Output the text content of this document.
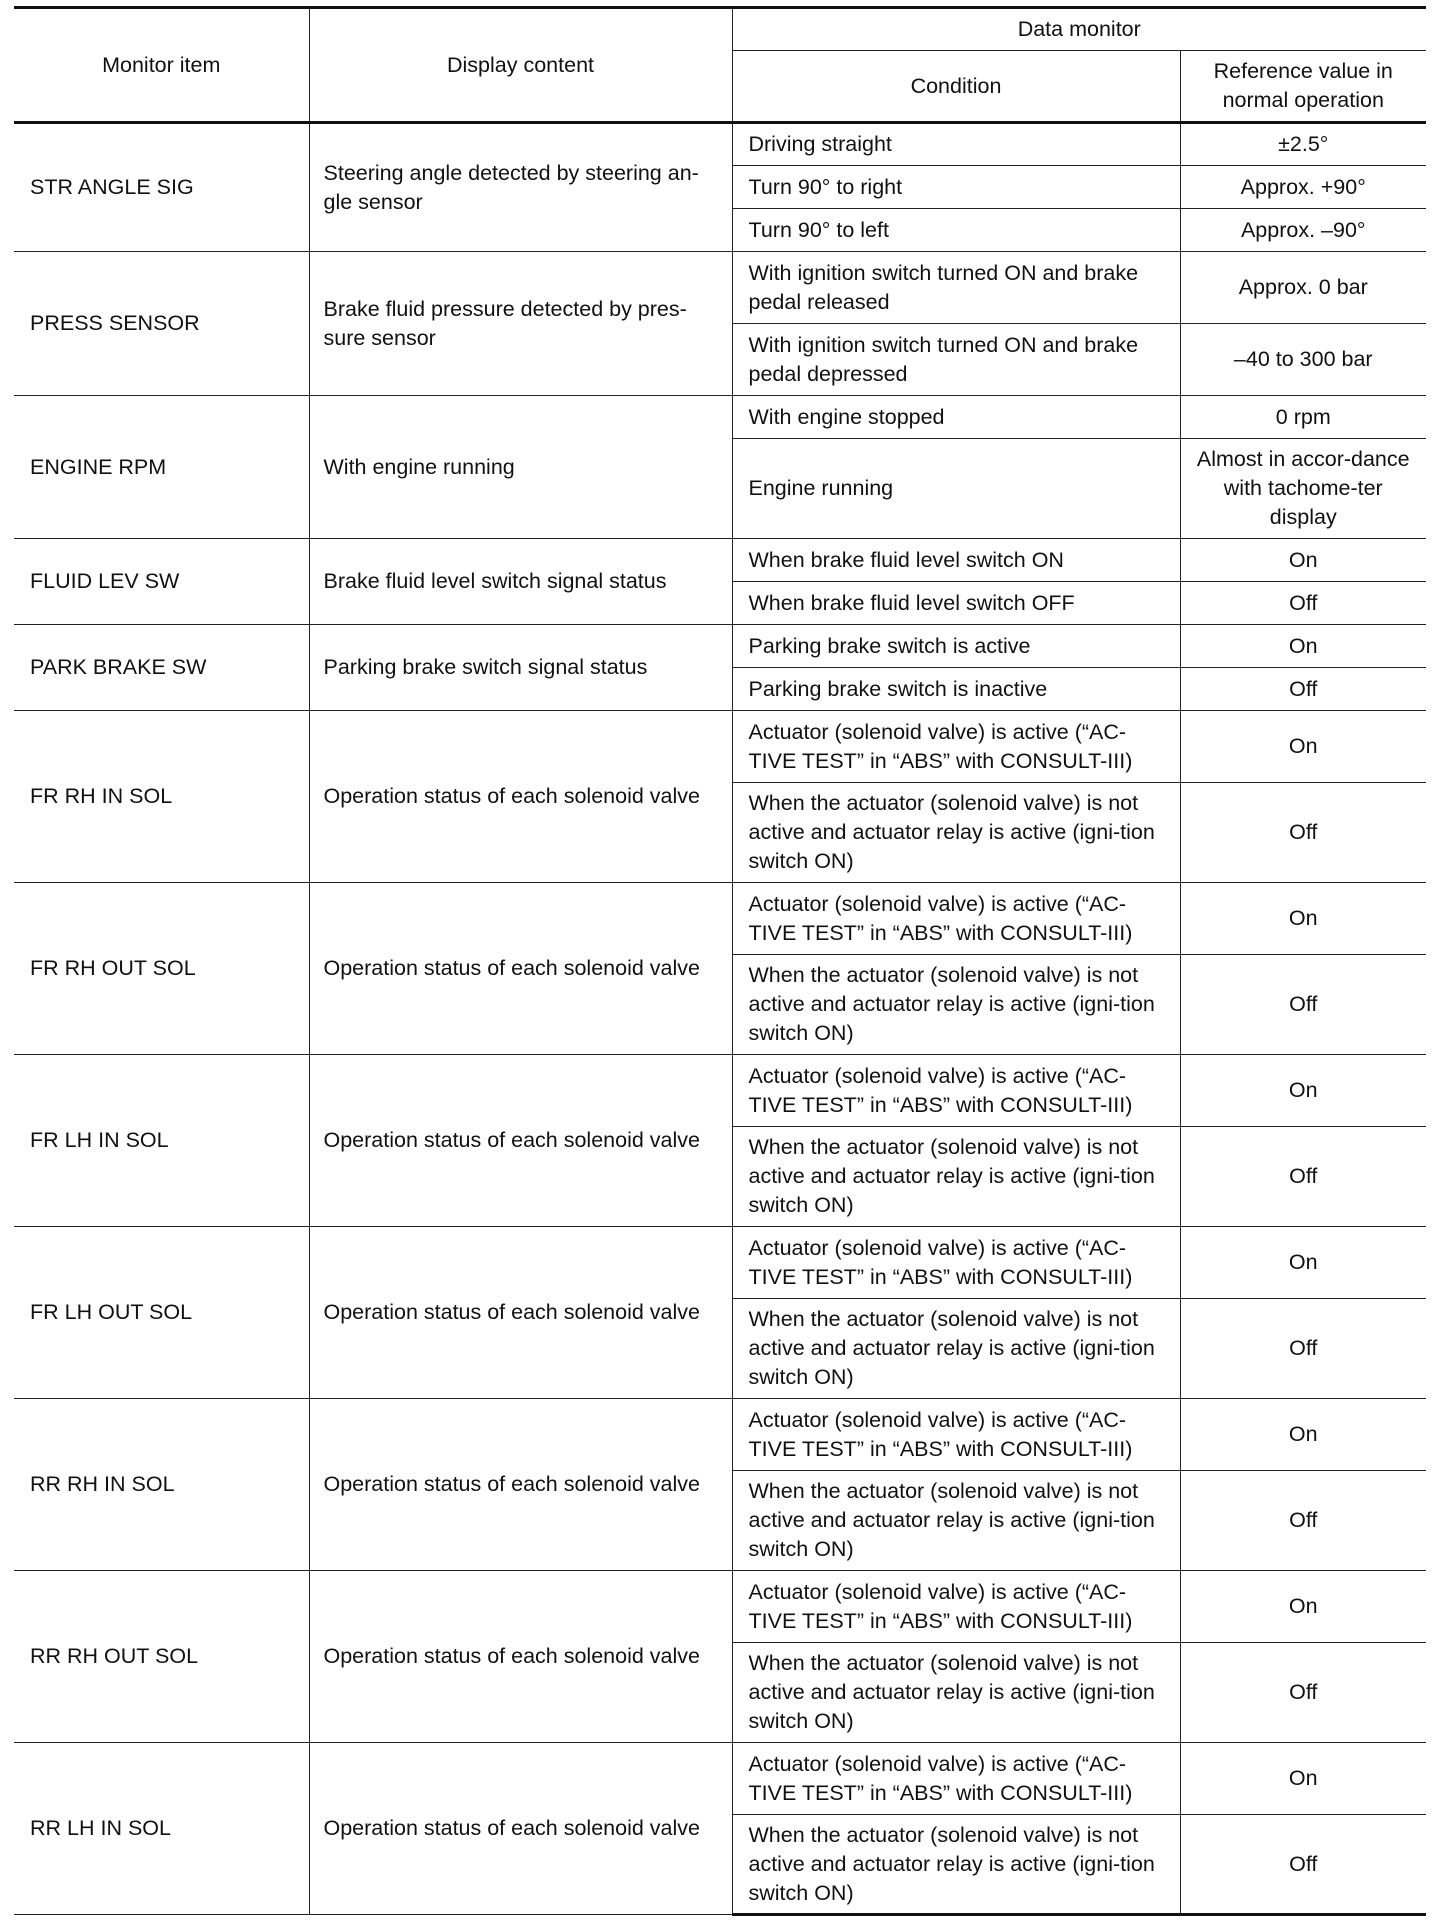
Monitor item	Display content	Data monitor	
		Condition	Reference value in normal operation
STR ANGLE SIG	Steering angle detected by steering an-gle sensor	Driving straight	±2.5°
		Turn 90° to right	Approx. +90°
		Turn 90° to left	Approx. –90°
PRESS SENSOR	Brake fluid pressure detected by pres-sure sensor	With ignition switch turned ON and brake pedal released	Approx. 0 bar
		With ignition switch turned ON and brake pedal depressed	–40 to 300 bar
ENGINE RPM	With engine running	With engine stopped	0 rpm
		Engine running	Almost in accor-dance with tachome-ter display
FLUID LEV SW	Brake fluid level switch signal status	When brake fluid level switch ON	On
		When brake fluid level switch OFF	Off
PARK BRAKE SW	Parking brake switch signal status	Parking brake switch is active	On
		Parking brake switch is inactive	Off
FR RH IN SOL	Operation status of each solenoid valve	Actuator (solenoid valve) is active (“AC-TIVE TEST” in “ABS” with CONSULT-III)	On
		When the actuator (solenoid valve) is not active and actuator relay is active (igni-tion switch ON)	Off
FR RH OUT SOL	Operation status of each solenoid valve	Actuator (solenoid valve) is active (“AC-TIVE TEST” in “ABS” with CONSULT-III)	On
		When the actuator (solenoid valve) is not active and actuator relay is active (igni-tion switch ON)	Off
FR LH IN SOL	Operation status of each solenoid valve	Actuator (solenoid valve) is active (“AC-TIVE TEST” in “ABS” with CONSULT-III)	On
		When the actuator (solenoid valve) is not active and actuator relay is active (igni-tion switch ON)	Off
FR LH OUT SOL	Operation status of each solenoid valve	Actuator (solenoid valve) is active (“AC-TIVE TEST” in “ABS” with CONSULT-III)	On
		When the actuator (solenoid valve) is not active and actuator relay is active (igni-tion switch ON)	Off
RR RH IN SOL	Operation status of each solenoid valve	Actuator (solenoid valve) is active (“AC-TIVE TEST” in “ABS” with CONSULT-III)	On
		When the actuator (solenoid valve) is not active and actuator relay is active (igni-tion switch ON)	Off
RR RH OUT SOL	Operation status of each solenoid valve	Actuator (solenoid valve) is active (“AC-TIVE TEST” in “ABS” with CONSULT-III)	On
		When the actuator (solenoid valve) is not active and actuator relay is active (igni-tion switch ON)	Off
RR LH IN SOL	Operation status of each solenoid valve	Actuator (solenoid valve) is active (“AC-TIVE TEST” in “ABS” with CONSULT-III)	On
		When the actuator (solenoid valve) is not active and actuator relay is active (igni-tion switch ON)	Off
